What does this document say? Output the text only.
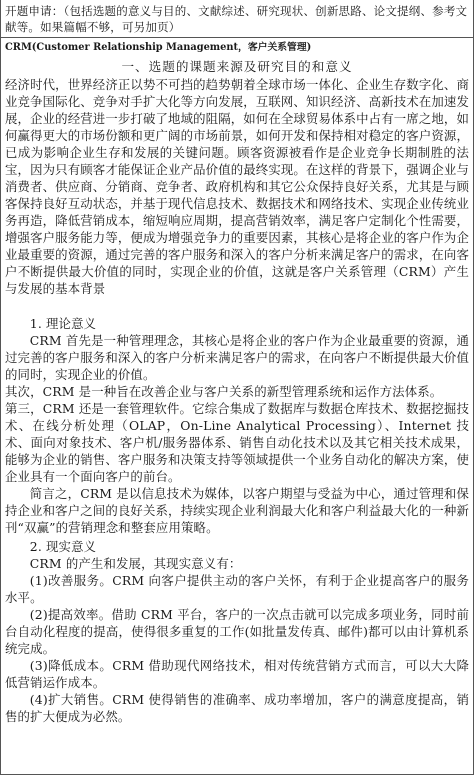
开题申请：（包括选题的意义与目的、文献综述、研究现状、创新思路、论文提纲、参考文献等。如果篇幅不够，可另加页）
CRM(Customer Relationship Management，客户关系管理)
一、选题的课题来源及研究目的和意义

经济时代，世界经济正以势不可挡的趋势朝着全球市场一体化、企业生存数字化、商业竞争国际化、竞争对手扩大化等方向发展，互联网、知识经济、高新技术在加速发展，企业的经营进一步打破了地域的阻隔，如何在全球贸易体系中占有一席之地，如何赢得更大的市场份额和更广阔的市场前景，如何开发和保持相对稳定的客户资源，已成为影响企业生存和发展的关键问题。顾客资源被看作是企业竞争长期制胜的法宝，因为只有顾客才能保证企业产品价值的最终实现。在这样的背景下，强调企业与消费者、供应商、分销商、竞争者、政府机构和其它公众保持良好关系，尤其是与顾客保持良好互动状态，并基于现代信息技术、数据技术和网络技术、实现企业传统业务再造，降低营销成本，缩短响应周期，提高营销效率，满足客户定制化个性需要，增强客户服务能力等，便成为增强竞争力的重要因素，其核心是将企业的客户作为企业最重要的资源，通过完善的客户服务和深入的客户分析来满足客户的需求，在向客户不断提供最大价值的同时，实现企业的价值，这就是客户关系管理（CRM）产生与发展的基本背景

1. 理论意义

CRM 首先是一种管理理念，其核心是将企业的客户作为企业最重要的资源，通过完善的客户服务和深入的客户分析来满足客户的需求，在向客户不断提供最大价值的同时，实现企业的价值。

其次，CRM 是一种旨在改善企业与客户关系的新型管理系统和运作方法体系。

第三，CRM 还是一套管理软件。它综合集成了数据库与数据仓库技术、数据挖掘技术、在线分析处理（OLAP，On-Line Analytical Processing）、Internet 技术、面向对象技术、客户机/服务器体系、销售自动化技术以及其它相关技术成果，能够为企业的销售、客户服务和决策支持等领域提供一个业务自动化的解决方案，使企业具有一个面向客户的前台。

简言之，CRM 是以信息技术为媒体，以客户期望与受益为中心，通过管理和保持企业和客户之间的良好关系，持续实现企业利润最大化和客户利益最大化的一种新刊“双赢”的营销理念和整套应用策略。

2. 现实意义

CRM 的产生和发展，其现实意义有：

(1)改善服务。CRM 向客户提供主动的客户关怀，有利于企业提高客户的服务水平。

(2)提高效率。借助 CRM 平台，客户的一次点击就可以完成多项业务，同时前台自动化程度的提高，使得很多重复的工作(如批量发传真、邮件)都可以由计算机系统完成。

(3)降低成本。CRM 借助现代网络技术，相对传统营销方式而言，可以大大降低营销运作成本。

(4)扩大销售。CRM 使得销售的准确率、成功率增加，客户的满意度提高，销售的扩大便成为必然。
